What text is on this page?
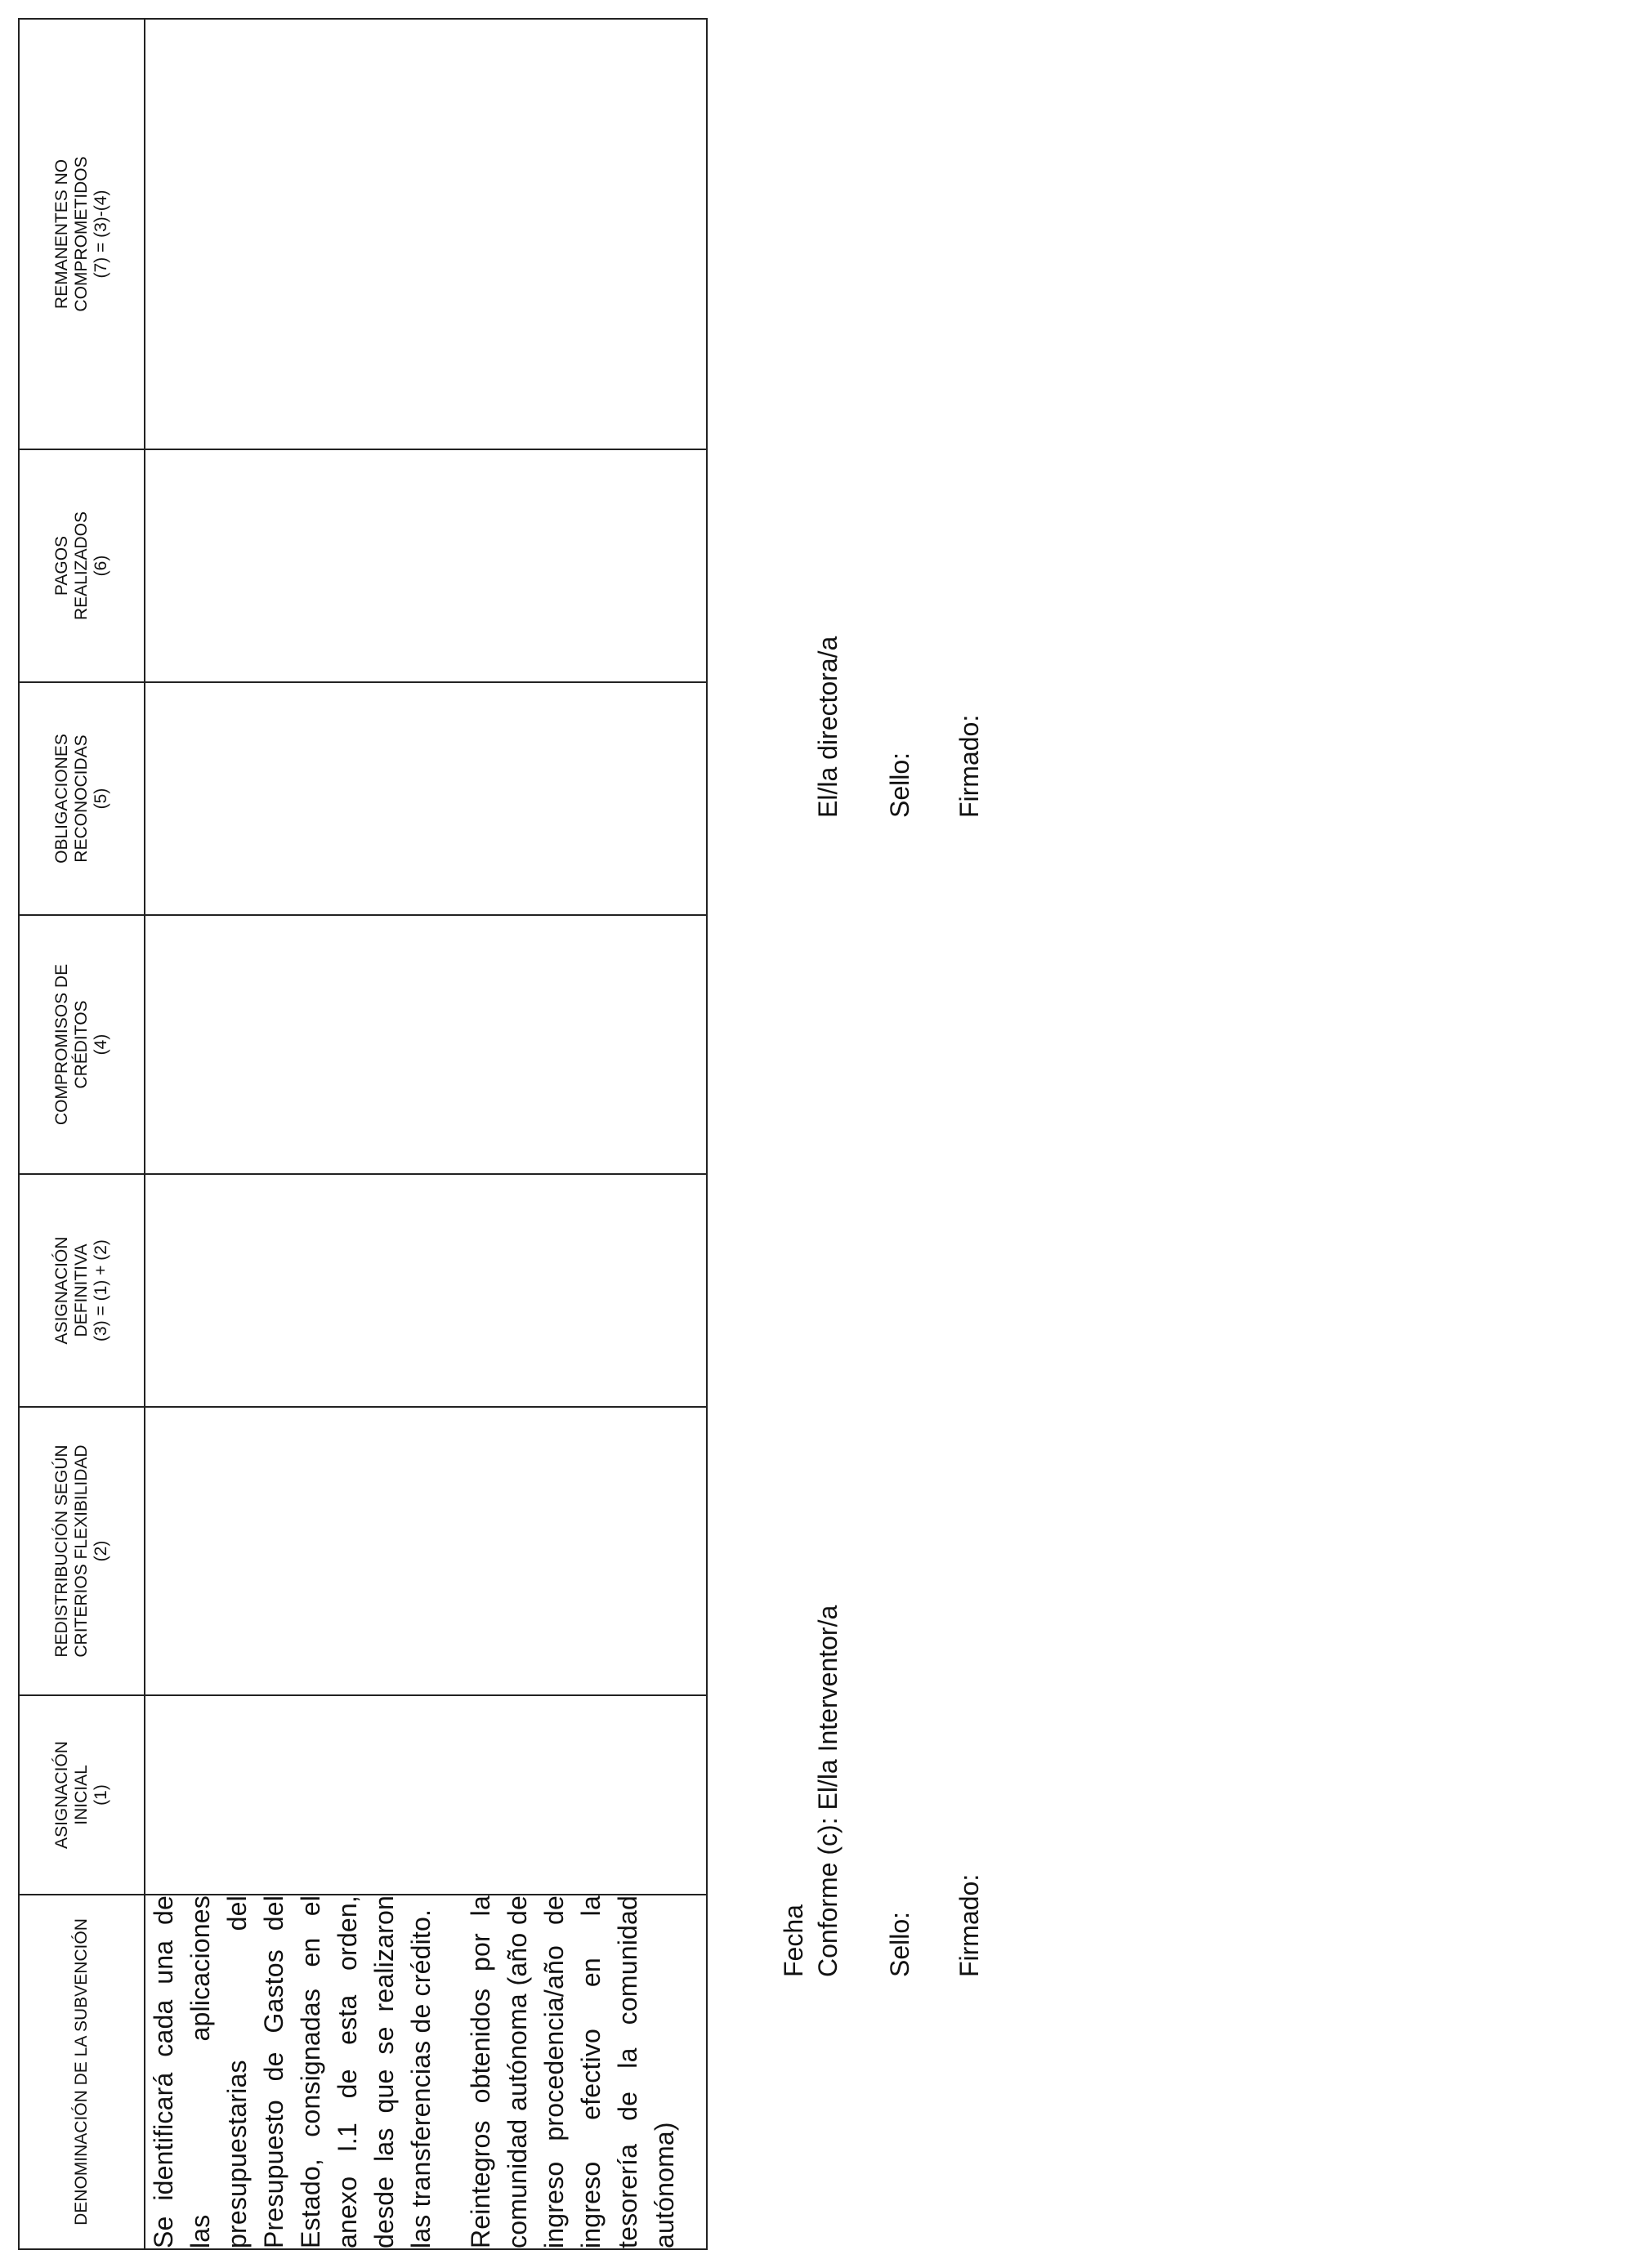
DENOMINACIÓN DE LA SUBVENCIÓN	ASIGNACIÓN INICIAL (1)	REDISTRIBUCIÓN SEGÚN CRITERIOS FLEXIBILIDAD (2)	ASIGNACIÓN DEFINITIVA (3) = (1) + (2)	COMPROMISOS DE CRÉDITOS (4)	OBLIGACIONES RECONOCIDAS (5)	PAGOS REALIZADOS (6)	REMANENTES NO COMPROMETIDOS (7) = (3)-(4)

Se identificará cada una de las aplicaciones presupuestarias del Presupuesto de Gastos del Estado, consignadas en el anexo I.1 de esta orden, desde las que se realizaron las transferencias de crédito. Reintegros obtenidos por la comunidad autónoma (año de ingreso procedencia/año de ingreso efectivo en la tesorería de la comunidad autónoma)							

Fecha Conforme (c): El/la Interventor/a Sello: Firmado:
El/la directora/a Sello: Firmado:
